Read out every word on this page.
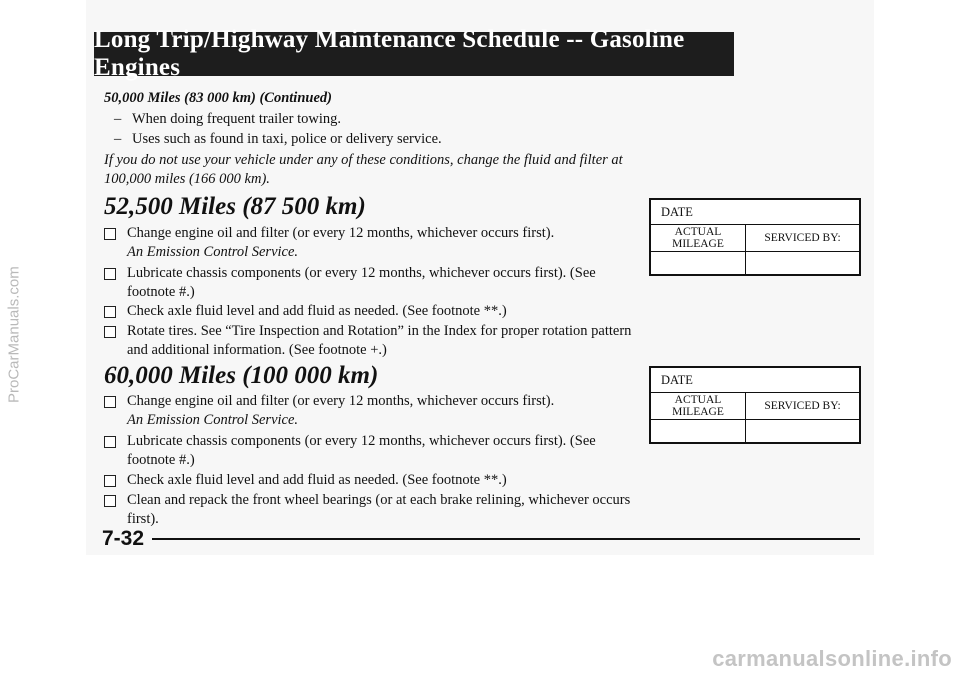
Long Trip/Highway Maintenance Schedule -- Gasoline Engines
50,000 Miles (83 000 km) (Continued)
– When doing frequent trailer towing.
– Uses such as found in taxi, police or delivery service.
If you do not use your vehicle under any of these conditions, change the fluid and filter at 100,000 miles (166 000 km).
52,500 Miles (87 500 km)
Change engine oil and filter (or every 12 months, whichever occurs first).
An Emission Control Service.
Lubricate chassis components (or every 12 months, whichever occurs first). (See footnote #.)
Check axle fluid level and add fluid as needed. (See footnote **.)
Rotate tires. See “Tire Inspection and Rotation” in the Index for proper rotation pattern and additional information. (See footnote +.)
60,000 Miles (100 000 km)
Change engine oil and filter (or every 12 months, whichever occurs first).
An Emission Control Service.
Lubricate chassis components (or every 12 months, whichever occurs first). (See footnote #.)
Check axle fluid level and add fluid as needed. (See footnote **.)
Clean and repack the front wheel bearings (or at each brake relining, whichever occurs first).
DATE	

ACTUAL
MILEAGE	SERVICED BY:

DATE	

ACTUAL
MILEAGE	SERVICED BY:

7-32
ProCarManuals.com
carmanualsonline.info
